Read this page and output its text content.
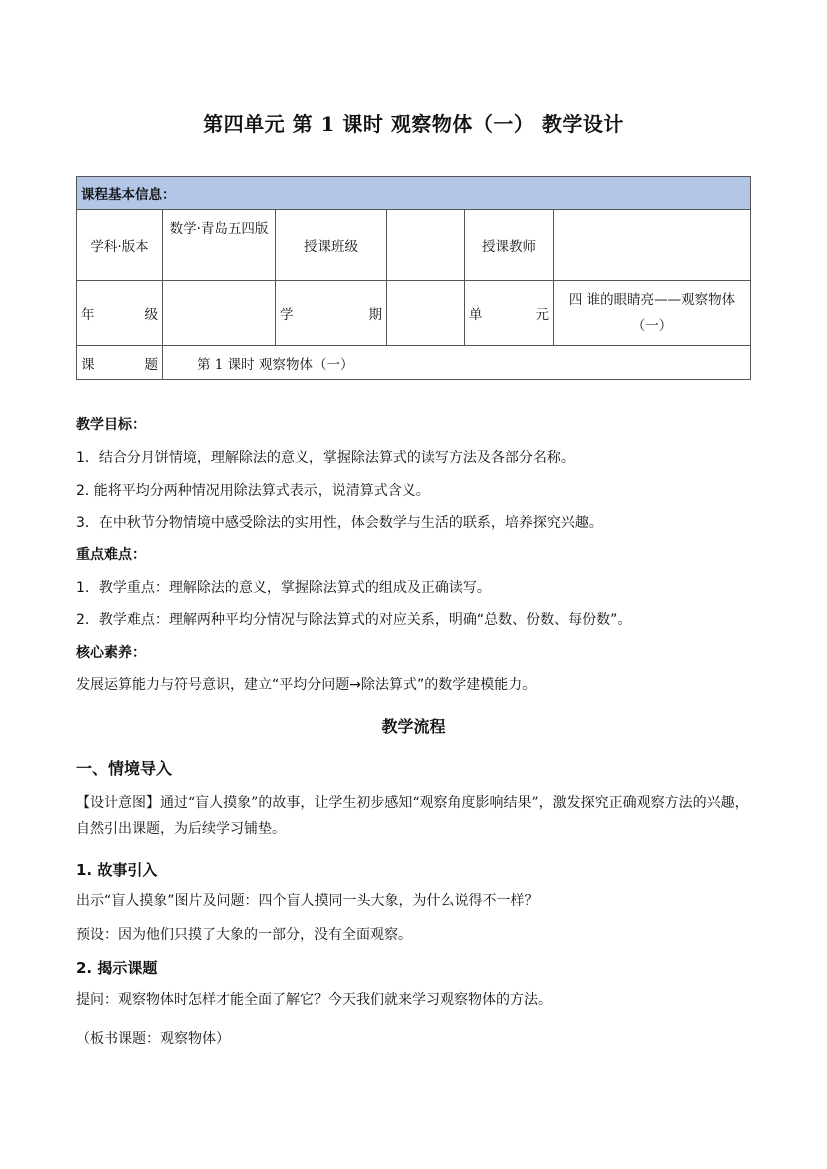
第四单元 第 1 课时 观察物体（一） 教学设计
课程基本信息：					
学科·版本	数学·青岛五四版	授课班级		授课教师	
年 级		学 期		单 元	四 谁的眼睛亮——观察物体（一）
课 题	第 1 课时 观察物体（一）				
教学目标：
1．结合分月饼情境，理解除法的意义，掌握除法算式的读写方法及各部分名称。
2. 能将平均分两种情况用除法算式表示，说清算式含义。
3．在中秋节分物情境中感受除法的实用性，体会数学与生活的联系，培养探究兴趣。
重点难点：
1．教学重点：理解除法的意义，掌握除法算式的组成及正确读写。
2．教学难点：理解两种平均分情况与除法算式的对应关系，明确“总数、份数、每份数”。
核心素养：
发展运算能力与符号意识，建立“平均分问题→除法算式”的数学建模能力。
教学流程
一、情境导入
【设计意图】通过“盲人摸象”的故事，让学生初步感知“观察角度影响结果”，激发探究正确观察方法的兴趣，自然引出课题，为后续学习铺垫。
1. 故事引入
出示“盲人摸象”图片及问题：四个盲人摸同一头大象，为什么说得不一样？
预设：因为他们只摸了大象的一部分，没有全面观察。
2. 揭示课题
提问：观察物体时怎样才能全面了解它？今天我们就来学习观察物体的方法。
（板书课题：观察物体）
